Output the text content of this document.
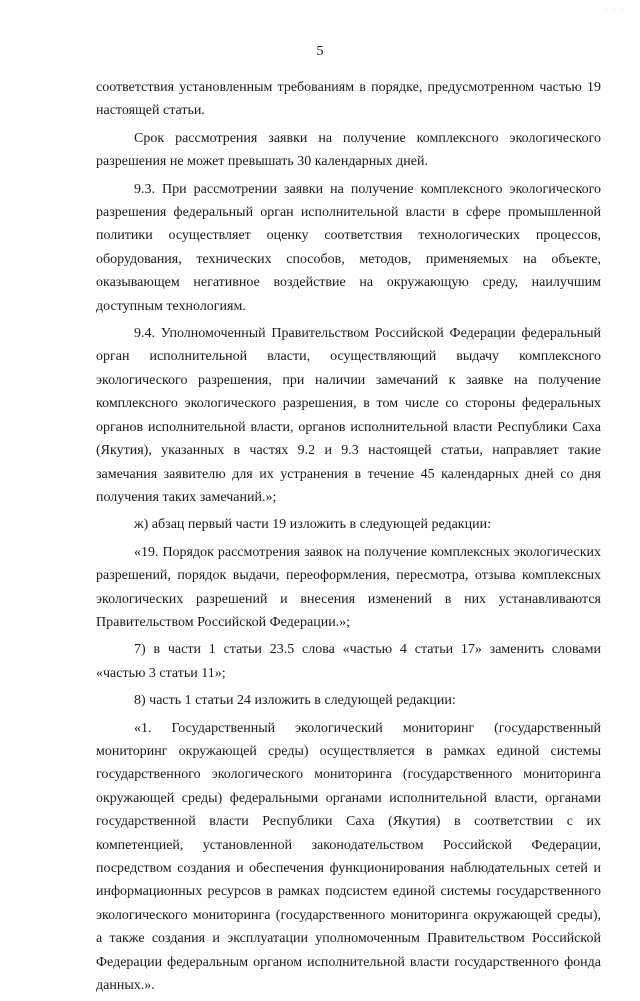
· · ·
5

соответствия установленным требованиям в порядке, предусмотренном частью 19 настоящей статьи.

Срок рассмотрения заявки на получение комплексного экологического разрешения не может превышать 30 календарных дней.

9.3. При рассмотрении заявки на получение комплексного экологического разрешения федеральный орган исполнительной власти в сфере промышленной политики осуществляет оценку соответствия технологических процессов, оборудования, технических способов, методов, применяемых на объекте, оказывающем негативное воздействие на окружающую среду, наилучшим доступным технологиям.

9.4. Уполномоченный Правительством Российской Федерации федеральный орган исполнительной власти, осуществляющий выдачу комплексного экологического разрешения, при наличии замечаний к заявке на получение комплексного экологического разрешения, в том числе со стороны федеральных органов исполнительной власти, органов исполнительной власти Республики Саха (Якутия), указанных в частях 9.2 и 9.3 настоящей статьи, направляет такие замечания заявителю для их устранения в течение 45 календарных дней со дня получения таких замечаний.»;

ж) абзац первый части 19 изложить в следующей редакции:

«19. Порядок рассмотрения заявок на получение комплексных экологических разрешений, порядок выдачи, переоформления, пересмотра, отзыва комплексных экологических разрешений и внесения изменений в них устанавливаются Правительством Российской Федерации.»;

7) в части 1 статьи 23.5 слова «частью 4 статьи 17» заменить словами «частью 3 статьи 11»;

8) часть 1 статьи 24 изложить в следующей редакции:

«1. Государственный экологический мониторинг (государственный мониторинг окружающей среды) осуществляется в рамках единой системы государственного экологического мониторинга (государственного мониторинга окружающей среды) федеральными органами исполнительной власти, органами государственной власти Республики Саха (Якутия) в соответствии с их компетенцией, установленной законодательством Российской Федерации, посредством создания и обеспечения функционирования наблюдательных сетей и информационных ресурсов в рамках подсистем единой системы государственного экологического мониторинга (государственного мониторинга окружающей среды), а также создания и эксплуатации уполномоченным Правительством Российской Федерации федеральным органом исполнительной власти государственного фонда данных.».
